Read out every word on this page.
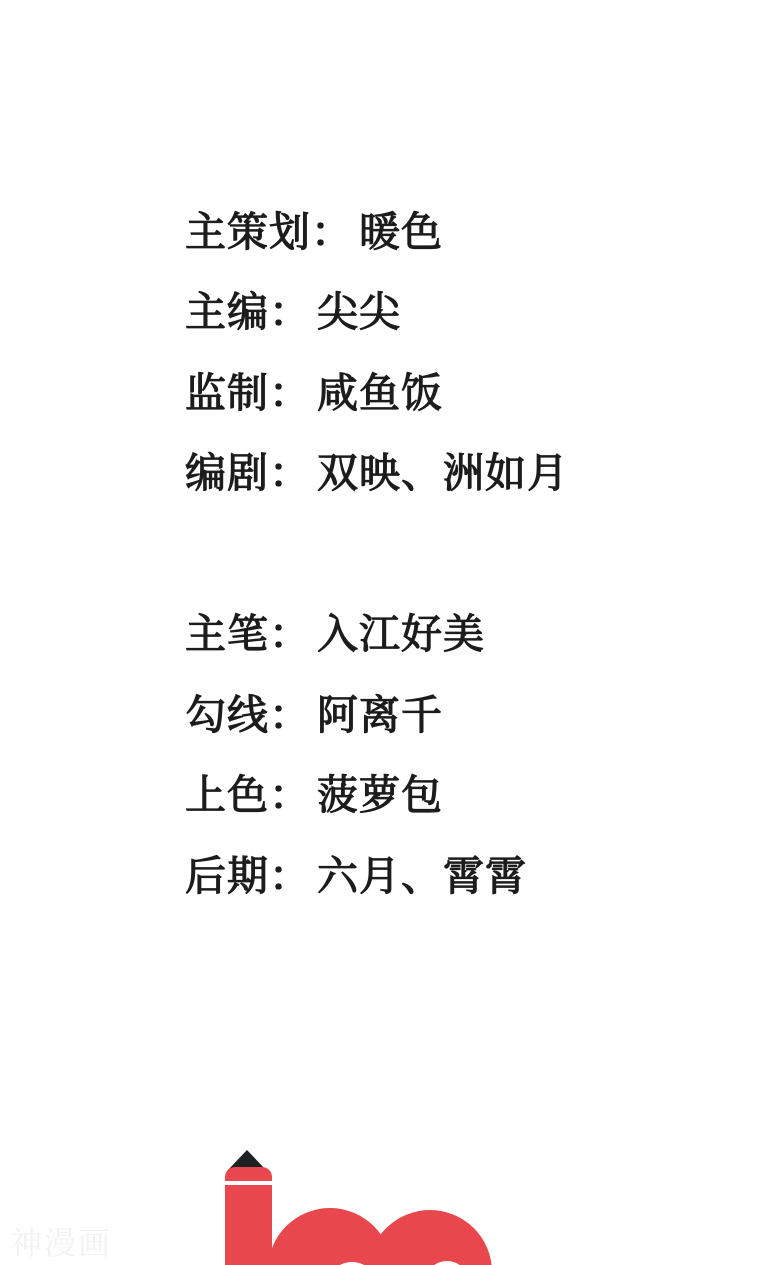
主策划 ： 暖色
主编 ： 尖尖
监制 ： 咸鱼饭
编剧 ： 双映、洲如月
主笔 ： 入江好美
勾线 ： 阿离千
上色 ： 菠萝包
后期 ： 六月、霄霄
神漫画
